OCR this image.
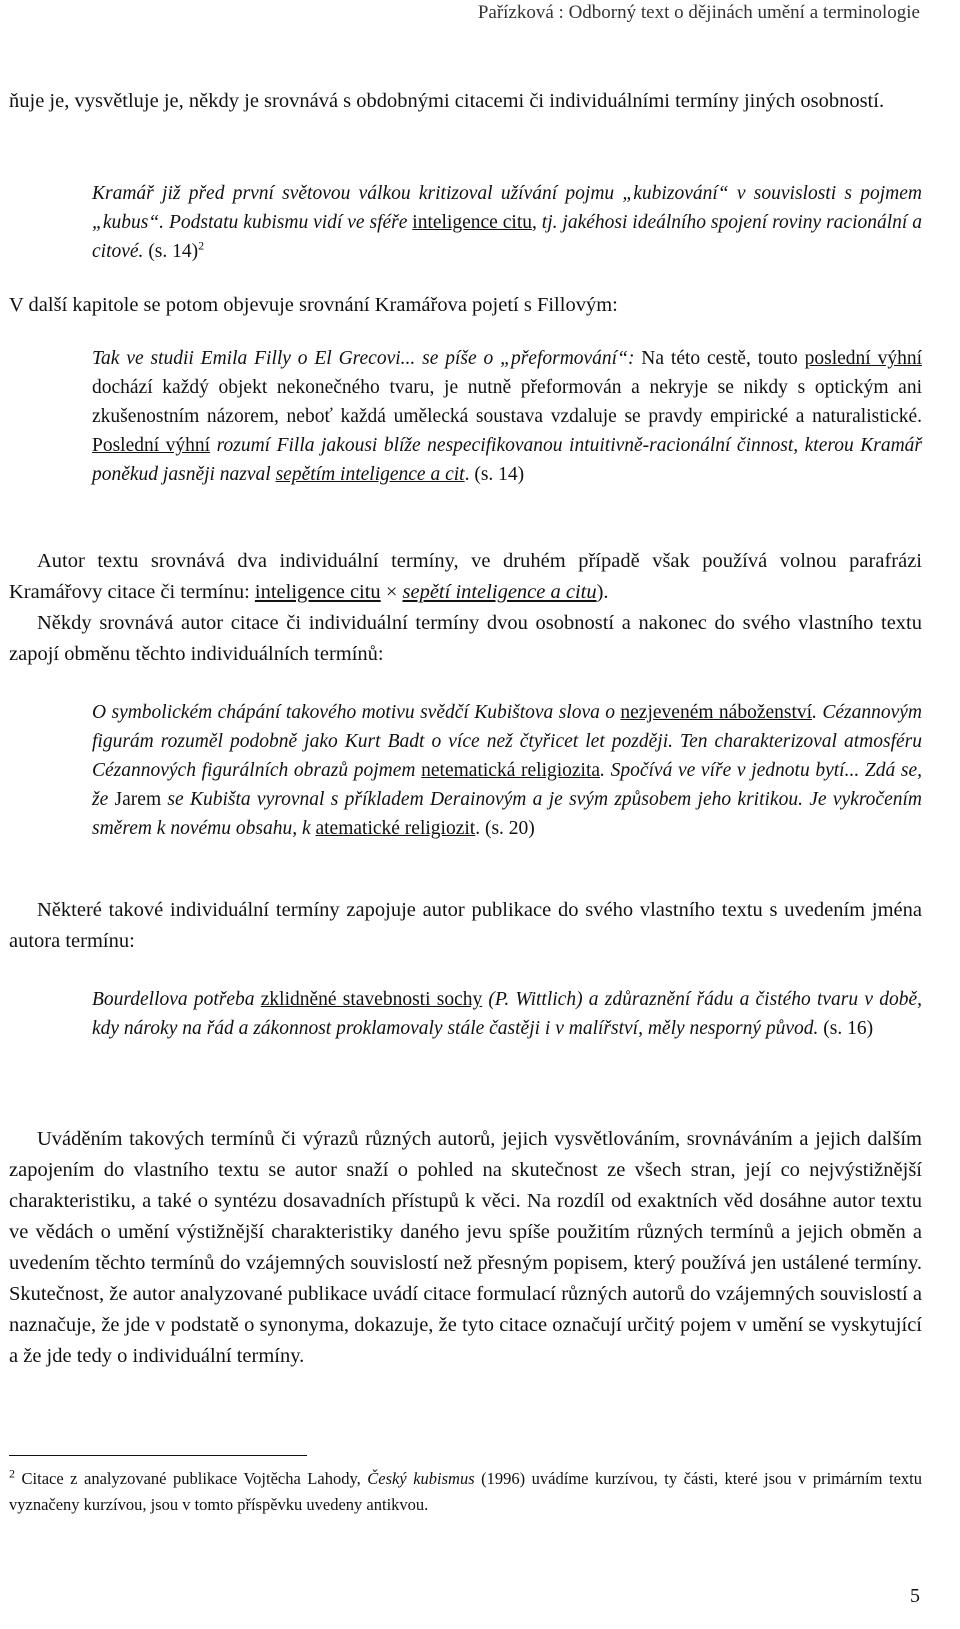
Pařízková : Odborný text o dějinách umění a terminologie
ňuje je, vysvětluje je, někdy je srovnává s obdobnými citacemi či individuálními termíny jiných osobností.
Kramář již před první světovou válkou kritizoval užívání pojmu „kubizování“ v souvislosti s pojmem „kubus“. Podstatu kubismu vidí ve sféře inteligence citu, tj. jakéhosi ideálního spojení roviny racionální a citové. (s. 14)$^2$
V další kapitole se potom objevuje srovnání Kramářova pojetí s Fillovým:
Tak ve studii Emila Filly o El Grecovi... se píše o „přeformování“: Na této cestě, touto poslední výhní dochází každý objekt nekonečného tvaru, je nutně přeformován a nekryje se nikdy s optickým ani zkušenostním názorem, neboť každá umělecká soustava vzdaluje se pravdy empirické a naturalistické. Poslední výhní rozumí Filla jakousi blíže nespecifikovanou intuitivně-racionální činnost, kterou Kramář poněkud jasněji nazval sepětím inteligence a cit. (s. 14)
Autor textu srovnává dva individuální termíny, ve druhém případě však používá volnou parafrázi Kramářovy citace či termínu: inteligence citu × sepětí inteligence a citu).
Někdy srovnává autor citace či individuální termíny dvou osobností a nakonec do svého vlastního textu zapojí obměnu těchto individuálních termínů:
O symbolickém chápání takového motivu svědčí Kubištova slova o nezjeveném náboženství. Cézannovým figurám rozuměl podobně jako Kurt Badt o více než čtyřicet let později. Ten charakterizoval atmosféru Cézannových figurálních obrazů pojmem netematická religiozita. Spočívá ve víře v jednotu bytí... Zdá se, že Jarem se Kubišta vyrovnal s příkladem Derainovým a je svým způsobem jeho kritikou. Je vykročením směrem k novému obsahu, k atematické religiozit. (s. 20)
Některé takové individuální termíny zapojuje autor publikace do svého vlastního textu s uvedením jména autora termínu:
Bourdellova potřeba zklidněné stavebnosti sochy (P. Wittlich) a zdůraznění řádu a čistého tvaru v době, kdy nároky na řád a zákonnost proklamovaly stále častěji i v malířství, měly nesporný původ. (s. 16)
Uváděním takových termínů či výrazů různých autorů, jejich vysvětlováním, srovnáváním a jejich dalším zapojením do vlastního textu se autor snaží o pohled na skutečnost ze všech stran, její co nejvýstižnější charakteristiku, a také o syntézu dosavadních přístupů k věci. Na rozdíl od exaktních věd dosáhne autor textu ve vědách o umění výstižnější charakteristiky daného jevu spíše použitím různých termínů a jejich obměn a uvedením těchto termínů do vzájemných souvislostí než přesným popisem, který používá jen ustálené termíny. Skutečnost, že autor analyzované publikace uvádí citace formulací různých autorů do vzájemných souvislostí a naznačuje, že jde v podstatě o synonyma, dokazuje, že tyto citace označují určitý pojem v umění se vyskytující a že jde tedy o individuální termíny.
$^2$ Citace z analyzované publikace Vojtěcha Lahody, Český kubismus (1996) uvádíme kurzívou, ty části, které jsou v primárním textu vyznačeny kurzívou, jsou v tomto příspěvku uvedeny antikvou.
5
